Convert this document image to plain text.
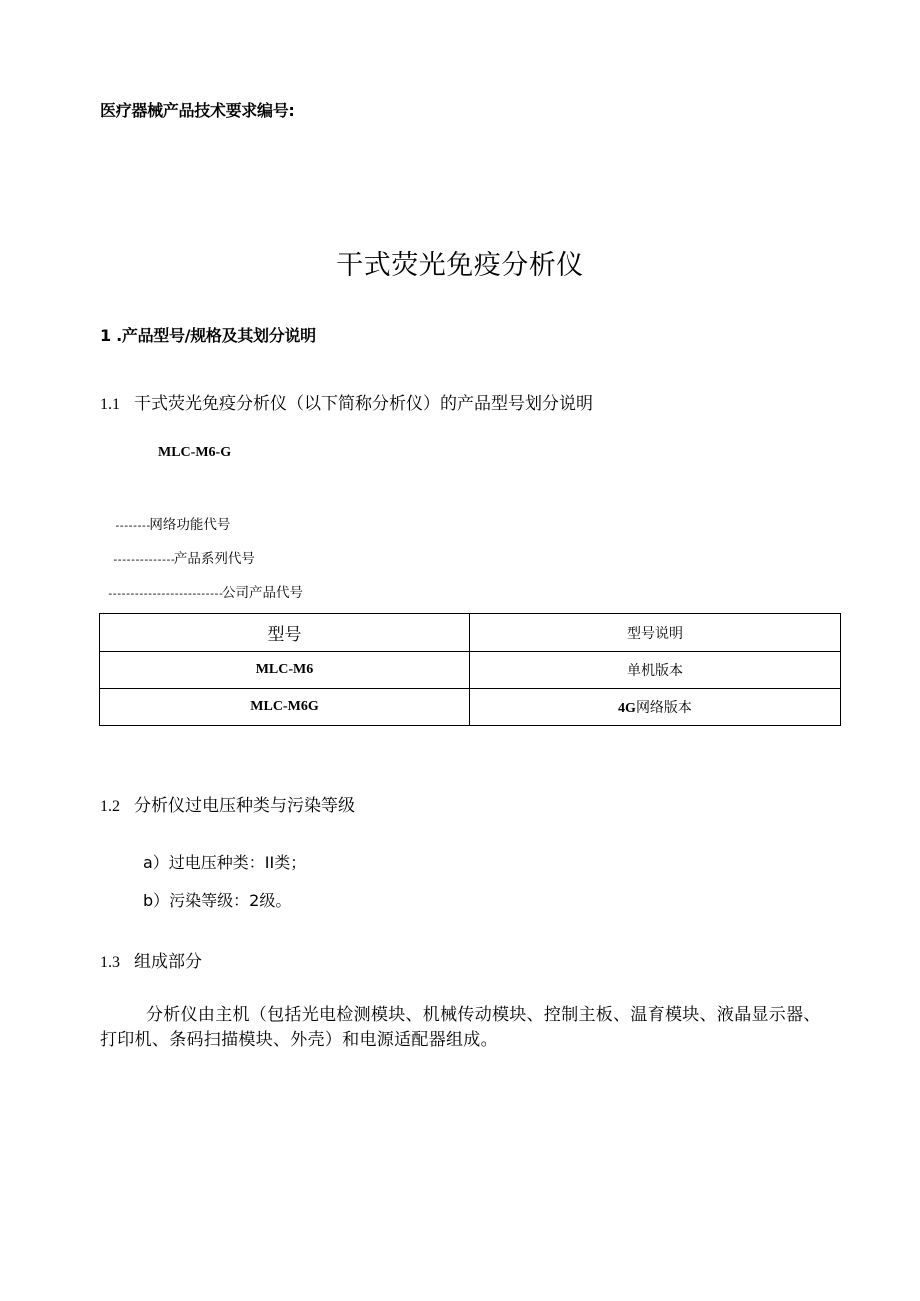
医疗器械产品技术要求编号:
干式荧光免疫分析仪
1 .产品型号/规格及其划分说明
1.1 干式荧光免疫分析仪（以下简称分析仪）的产品型号划分说明
MLC-M6-G
--------网络功能代号
--------------产品系列代号
--------------------------公司产品代号
型号	型号说明
MLC-M6	单机版本
MLC-M6G	4G网络版本
1.2 分析仪过电压种类与污染等级
a）过电压种类：II类；
b）污染等级：2级。
1.3 组成部分
分析仪由主机（包括光电检测模块、机械传动模块、控制主板、温育模块、液晶显示器、打印机、条码扫描模块、外壳）和电源适配器组成。
